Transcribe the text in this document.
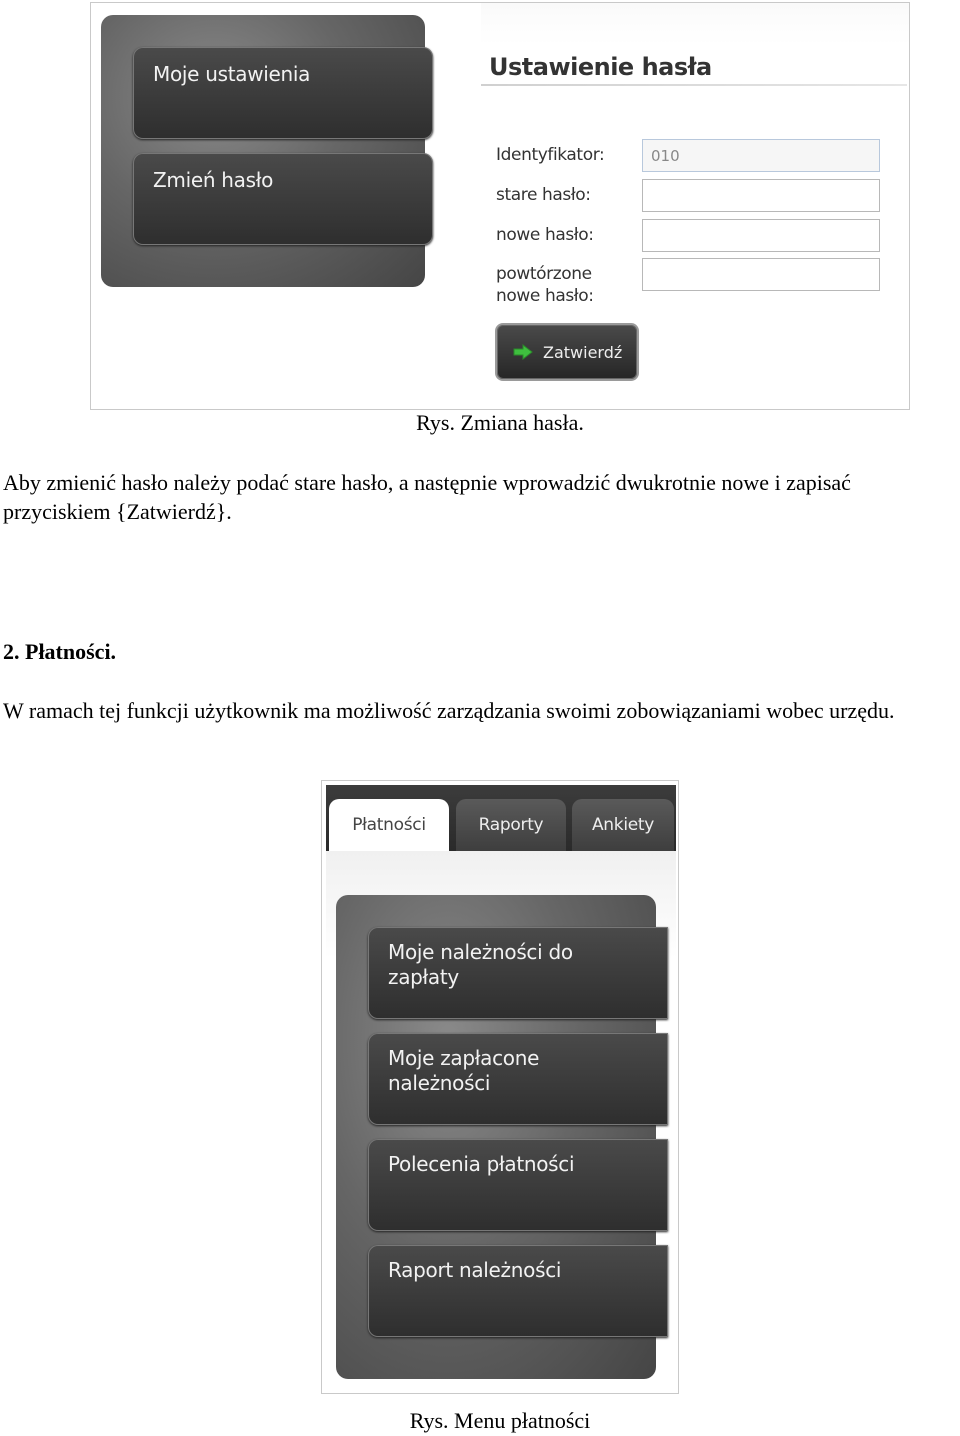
Moje ustawienia
Zmień hasło
Ustawienie hasła
Identyfikator:	010
stare hasło:
nowe hasło:
powtórzone
nowe hasło:
Zatwierdź
Rys. Zmiana hasła.
Aby zmienić hasło należy podać stare hasło, a następnie wprowadzić dwukrotnie nowe i zapisać przyciskiem {Zatwierdź}.
2. Płatności.
W ramach tej funkcji użytkownik ma możliwość zarządzania swoimi zobowiązaniami wobec urzędu.
Płatności	Raporty	Ankiety
Moje należności do
zapłaty
Moje zapłacone
należności
Polecenia płatności
Raport należności
Rys. Menu płatności
